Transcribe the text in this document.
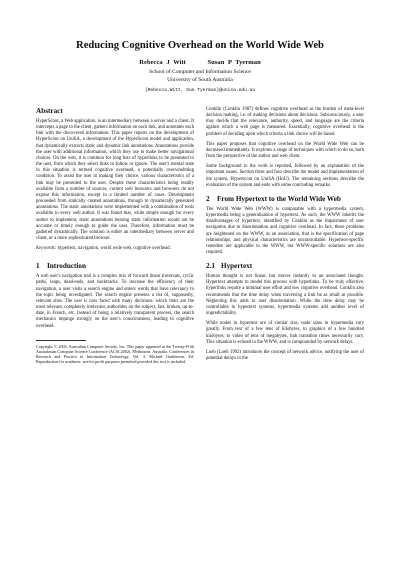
Reducing Cognitive Overhead on the World Wide Web
Rebecca J Witt	Susan P Tyerman
School of Computer and Information Science
University of South Australia
{Rebecca.Witt, Sue.Tyerman}@unisa.edu.au
Abstract

HyperScout, a Web application, is an intermediary between a server and a client. It intercepts a page to the client, gathers information on each link, and annotates each link with the discovered information. This paper reports on the development of HyperScout on UniSA, a development of the HyperScout model and application, that dynamically extracts static and dynamic link annotations. Annotations provide the user with additional information, which they use to make better navigational choices. On the web, it is common for long lists of hyperlinks to be presented to the user, from which they select links to follow or ignore. The user's mental state in this situation is termed cognitive overhead, a potentially overwhelming condition. To assist the user in making their choice, various characteristics of a link may be presented to the user. Despite these characteristics being readily available from a number of sources, current web browsers and browsers do not expose this information, except in a limited number of cases. Development proceeded from statically created annotations, through to dynamically generated annotations. The static annotations were implemented with a combination of tools available to every web author. It was found that, while simple enough for every author to implement, static annotations bearing static information would not be accurate or timely enough to guide the user. Therefore, information must be gathered dynamically. The solution is either an intermediary between server and client, or a more sophisticated browser.

Keywords: hypertext, navigation, world wide web, cognitive overhead.

1 Introduction

A web user's navigation trail is a complex mix of forward linear traversals, cyclic paths, leaps, dead-ends, and backtracks. To increase the efficiency of their navigation, a user visits a search engine and enters words that have relevancy to the topic being investigated. The search engine presents a list of, supposedly, relevant sites. The user is now faced with many decisions: which links are the most relevant, completely irrelevant, authorities on the subject, fast, broken, up-to-date, in French, etc. Instead of being a relatively transparent process, the search mechanics impinge strongly on the user's consciousness, leading to cognitive overhead.

Copyright © 2003, Australian Computer Society, Inc. This paper appeared at the Twenty-Fifth Australasian Computer Science Conference (ACSC2002), Melbourne, Australia. Conferences in Research and Practice in Information Technology, Vol. 4. Michael Oudshoorn, Ed. Reproduction for academic, not-for profit purposes permitted provided this text is included.

Conklin (Conklin 1987) defines cognitive overhead as the burden of meta-level decision making, i.e. of making decisions about decisions. Subconsciously, a user may decide that the relevance, authority, speed, and language are the criteria against which a web page is measured. Essentially, cognitive overhead is the problem of deciding upon which criteria a link choice will be based.

This paper proposes that cognitive overhead on the World Wide Web can be decreased immediately. It explores a range of techniques with which to do so, both from the perspective of the author and web client.

Some background to the work is reported, followed by an explanation of the important issues. Section three and four describe the model and implementation of the system, Hyperscout on UniSA (HoU). The remaining sections describe the evaluation of the system and ends with some concluding remarks.

2 From Hypertext to the World Wide Web

The World Wide Web (WWW) is comparable with a hypermedia system, hypermedia being a generalisation of hypertext. As such, the WWW inherits the disadvantages of hypertext, identified by Conklin as the impairment of user navigation due to disorientation and cognitive overhead. In fact, these problems are heightened on the WWW, as an association, that is the specification of page relationships, and physical characteristics are uncontrollable. Hypertext-specific remedies are applicable to the WWW, but WWW-specific solutions are also required.

2.1 Hypertext

Human thought is not linear, but moves instantly to an associated thought. Hypertext attempts to model this process with hyperlinks. To be truly effective, hyperlinks require a minimal user effort and low cognitive overhead. Conklin also recommends that the time delay when traversing a link be as small as possible. Neglecting this adds to user disorientation. While the time delay may be controllable in hypertext systems, hypermedia systems add another level of unpredictability.

While nodes in hypertext are of similar size, node sizes in hypermedia vary greatly. From text of a few tens of kilobytes, to graphics of a few hundred kilobytes, to video of tens of megabytes, link transition times necessarily vary. This situation is echoed in the WWW, and is compounded by network delays.

Loeb (Loeb 1992) introduces the concept of network advice, notifying the user of potential delays in the
